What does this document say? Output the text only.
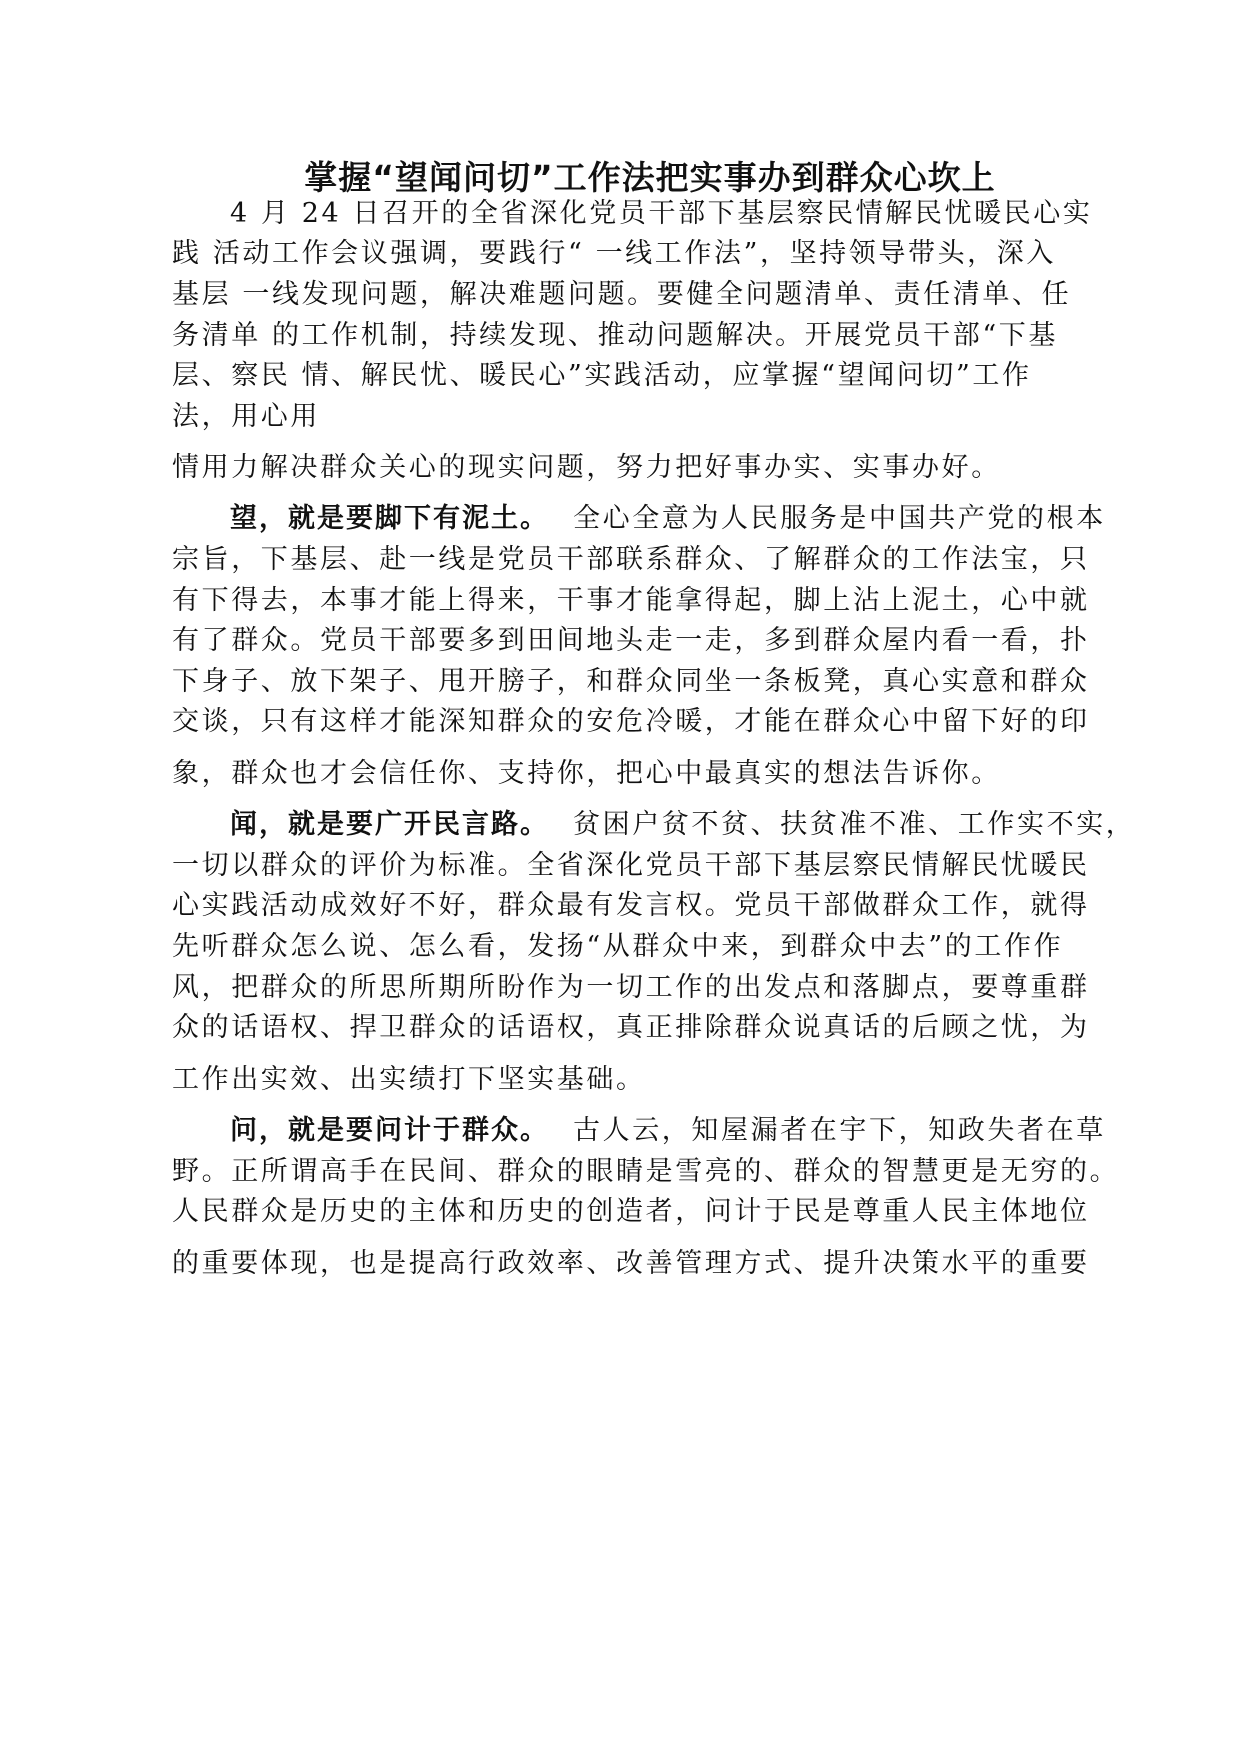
掌握“望闻问切”工作法把实事办到群众心坎上
4 月 24 日召开的全省深化党员干部下基层察民情解民忧暖民心实
践 活动工作会议强调，要践行“ 一线工作法”，坚持领导带头，深入
基层 一线发现问题，解决难题问题。要健全问题清单、责任清单、任
务清单 的工作机制，持续发现、推动问题解决。开展党员干部“下基
层、察民 情、解民忧、暖民心”实践活动，应掌握“望闻问切”工作
法，用心用
情用力解决群众关心的现实问题，努力把好事办实、实事办好。
望，就是要脚下有泥土。 全心全意为人民服务是中国共产党的根本
宗旨，下基层、赴一线是党员干部联系群众、了解群众的工作法宝，只
有下得去，本事才能上得来，干事才能拿得起，脚上沾上泥土，心中就
有了群众。党员干部要多到田间地头走一走，多到群众屋内看一看，扑
下身子、放下架子、甩开膀子，和群众同坐一条板凳，真心实意和群众
交谈，只有这样才能深知群众的安危冷暖，才能在群众心中留下好的印
象，群众也才会信任你、支持你，把心中最真实的想法告诉你。
闻，就是要广开民言路。 贫困户贫不贫、扶贫准不准、工作实不实，
一切以群众的评价为标准。全省深化党员干部下基层察民情解民忧暖民
心实践活动成效好不好，群众最有发言权。党员干部做群众工作，就得
先听群众怎么说、怎么看，发扬“从群众中来，到群众中去”的工作作
风，把群众的所思所期所盼作为一切工作的出发点和落脚点，要尊重群
众的话语权、捍卫群众的话语权，真正排除群众说真话的后顾之忧，为
工作出实效、出实绩打下坚实基础。
问，就是要问计于群众。 古人云，知屋漏者在宇下，知政失者在草
野。正所谓高手在民间、群众的眼睛是雪亮的、群众的智慧更是无穷的。
人民群众是历史的主体和历史的创造者，问计于民是尊重人民主体地位
的重要体现，也是提高行政效率、改善管理方式、提升决策水平的重要
